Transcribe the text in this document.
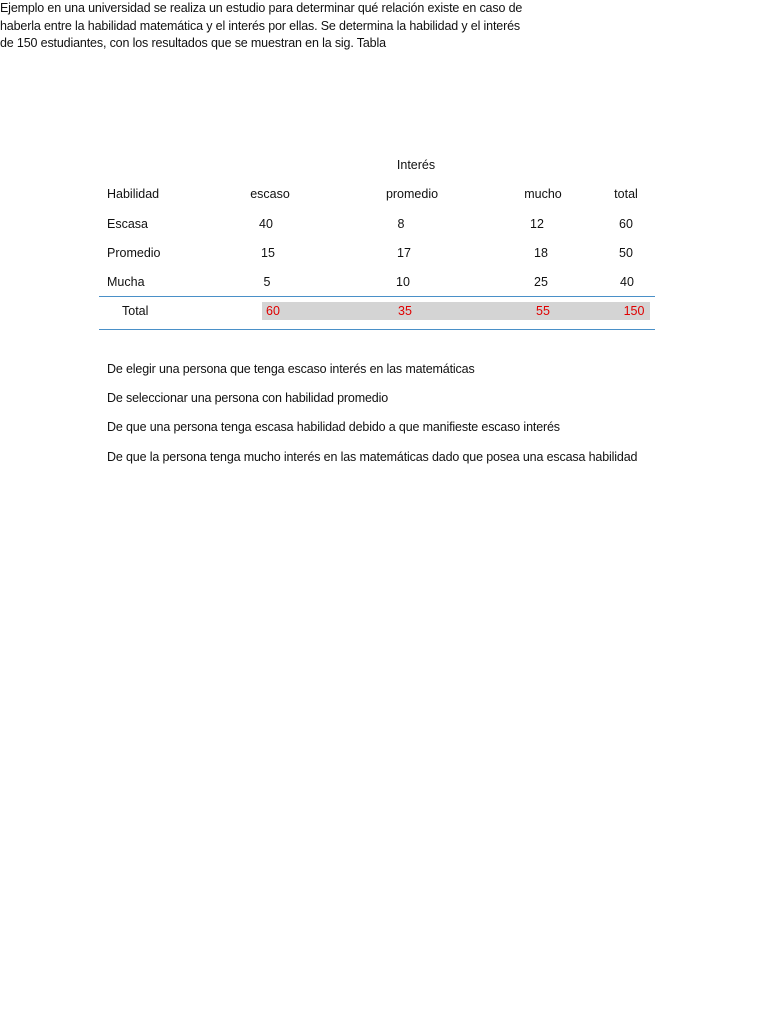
Ejemplo en una universidad se realiza un estudio para determinar qué relación existe en caso de
haberla entre la habilidad matemática y el interés por ellas. Se determina la habilidad y el interés
de 150 estudiantes, con los resultados que se muestran en la sig. Tabla
Interés
Habilidad	escaso	promedio	mucho	total
Escasa	40	8	12	60
Promedio	15	17	18	50
Mucha	5	10	25	40
Total	60	35	55	150
De elegir una persona que tenga escaso interés en las matemáticas
De seleccionar una persona con habilidad promedio
De que una persona tenga escasa habilidad debido a que manifieste escaso interés
De que la persona tenga mucho interés en las matemáticas dado que posea una escasa habilidad
